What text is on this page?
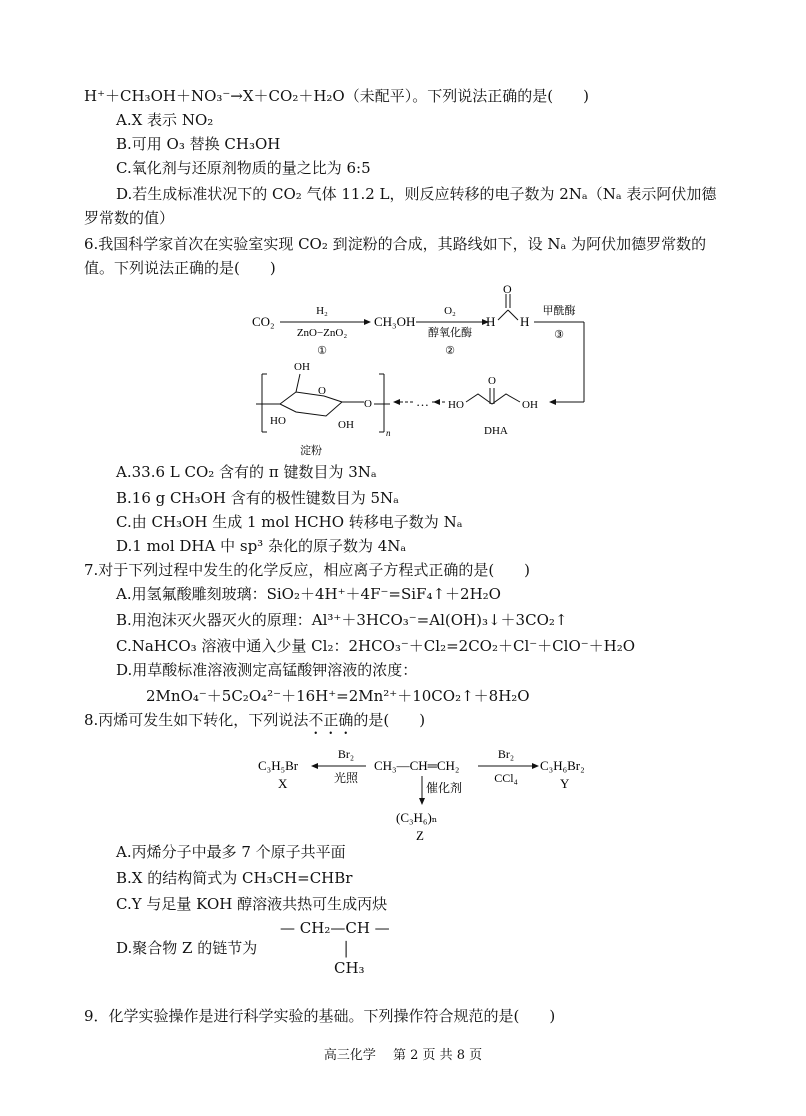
H⁺＋CH₃OH＋NO₃⁻→X＋CO₂＋H₂O（未配平）。下列说法正确的是(　　)
A.X 表示 NO₂
B.可用 O₃ 替换 CH₃OH
C.氧化剂与还原剂物质的量之比为 6:5
D.若生成标准状况下的 CO₂ 气体 11.2 L，则反应转移的电子数为 2Nₐ（Nₐ 表示阿伏加德
罗常数的值）
6.我国科学家首次在实验室实现 CO₂ 到淀粉的合成，其路线如下，设 Nₐ 为阿伏加德罗常数的
值。下列说法正确的是(　　)
CO₂
H₂
ZnO−ZnO₂
①
CH₃OH
O₂
醇氧化酶
②
H
O
H
甲酰酶
③
n
O
OH
HO	OH
O	… HO
O
OH
DHA
淀粉
A.33.6 L CO₂ 含有的 π 键数目为 3Nₐ
B.16 g CH₃OH 含有的极性键数目为 5Nₐ
C.由 CH₃OH 生成 1 mol HCHO 转移电子数为 Nₐ
D.1 mol DHA 中 sp³ 杂化的原子数为 4Nₐ
7.对于下列过程中发生的化学反应，相应离子方程式正确的是(　　)
A.用氢氟酸雕刻玻璃：SiO₂＋4H⁺＋4F⁻=SiF₄↑＋2H₂O
B.用泡沫灭火器灭火的原理：Al³⁺＋3HCO₃⁻=Al(OH)₃↓＋3CO₂↑
C.NaHCO₃ 溶液中通入少量 Cl₂：2HCO₃⁻＋Cl₂=2CO₂＋Cl⁻＋ClO⁻＋H₂O
D.用草酸标准溶液测定高锰酸钾溶液的浓度：
2MnO₄⁻＋5C₂O₄²⁻＋16H⁺=2Mn²⁺＋10CO₂↑＋8H₂O
8.丙烯可发生如下转化，下列说法不正确的是(　　)
C₃H₅Br
X
Br₂
光照
CH₃—CH═CH₂
Br₂
CCl₄
C₃H₆Br₂
Y
催化剂
(C₃H₆)ₙ
Z
A.丙烯分子中最多 7 个原子共平面
B.X 的结构简式为 CH₃CH=CHBr
C.Y 与足量 KOH 醇溶液共热可生成丙炔
— CH₂—CH —
D.聚合物 Z 的链节为	│
CH₃
9．化学实验操作是进行科学实验的基础。下列操作符合规范的是(　　)
高三化学　 第 2 页 共 8 页
